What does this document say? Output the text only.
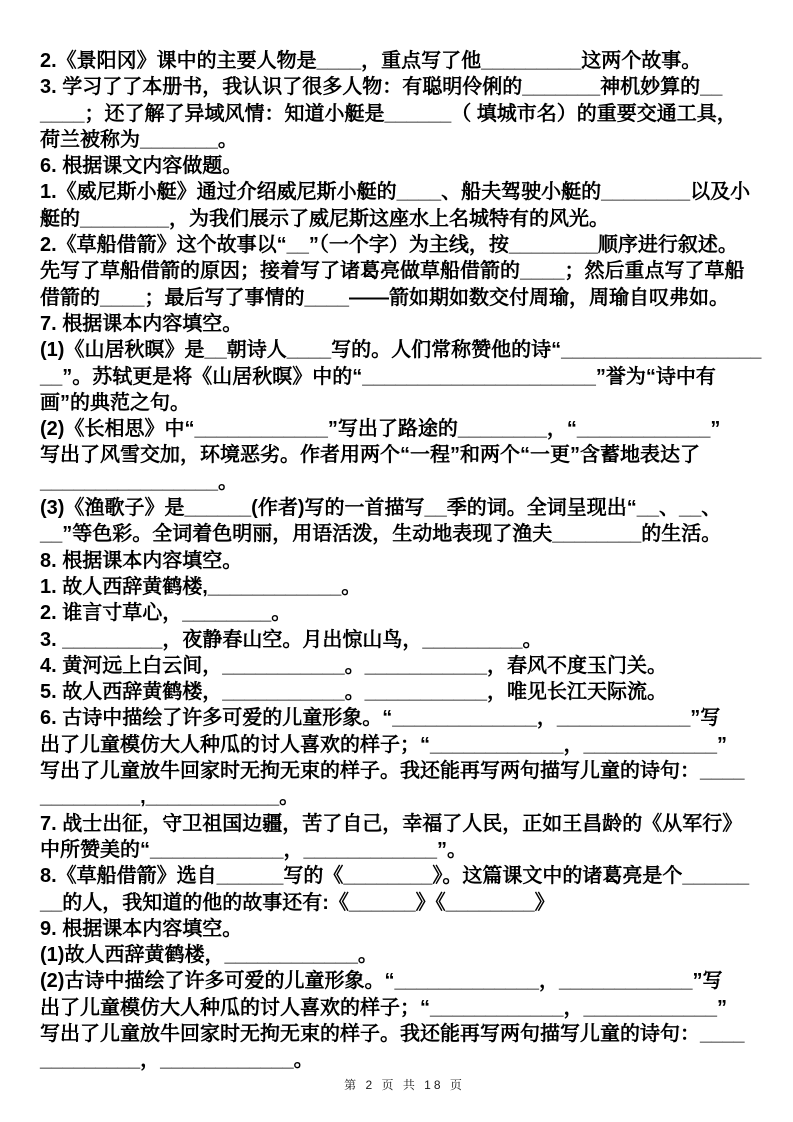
2.《景阳冈》课中的主要人物是____，重点写了他_________这两个故事。
3. 学习了了本册书，我认识了很多人物：有聪明伶俐的_______神机妙算的__
____；还了解了异域风情：知道小艇是______（ 填城市名）的重要交通工具，
荷兰被称为_______。
6. 根据课文内容做题。
1.《威尼斯小艇》通过介绍威尼斯小艇的____、船夫驾驶小艇的________以及小
艇的________，为我们展示了威尼斯这座水上名城特有的风光。
2.《草船借箭》这个故事以“__”（一个字）为主线，按________顺序进行叙述。
先写了草船借箭的原因；接着写了诸葛亮做草船借箭的____；然后重点写了草船
借箭的____；最后写了事情的____——箭如期如数交付周瑜，周瑜自叹弗如。
7. 根据课本内容填空。
(1)《山居秋暝》是__朝诗人____写的。人们常称赞他的诗“__________________
__”。苏轼更是将《山居秋暝》中的“_____________________”誉为“诗中有
画”的典范之句。
(2)《长相思》中“____________”写出了路途的________，“____________”
写出了风雪交加，环境恶劣。作者用两个“一程”和两个“一更”含蓄地表达了
________________。
(3)《渔歌子》是______(作者)写的一首描写__季的词。全词呈现出“__、__、
__”等色彩。全词着色明丽，用语活泼，生动地表现了渔夫________的生活。
8. 根据课本内容填空。
1. 故人西辞黄鹤楼,____________。
2. 谁言寸草心，________。
3. _________，夜静春山空。月出惊山鸟，_________。
4. 黄河远上白云间，___________。___________，春风不度玉门关。
5. 故人西辞黄鹤楼，___________。___________，唯见长江天际流。
6. 古诗中描绘了许多可爱的儿童形象。“_____________，____________”写
出了儿童模仿大人种瓜的讨人喜欢的样子；“____________，____________”
写出了儿童放牛回家时无拘无束的样子。我还能再写两句描写儿童的诗句：____
_________,____________。
7. 战士出征，守卫祖国边疆，苦了自己，幸福了人民，正如王昌龄的《从军行》
中所赞美的“____________，____________”。
8.《草船借箭》选自______写的《________》。这篇课文中的诸葛亮是个______
__的人，我知道的他的故事还有:《______》《________》
9. 根据课本内容填空。
(1)故人西辞黄鹤楼，____________。
(2)古诗中描绘了许多可爱的儿童形象。“_____________，____________”写
出了儿童模仿大人种瓜的讨人喜欢的样子；“____________，____________”
写出了儿童放牛回家时无拘无束的样子。我还能再写两句描写儿童的诗句：____
_________，____________。
第 2 页 共 18 页
